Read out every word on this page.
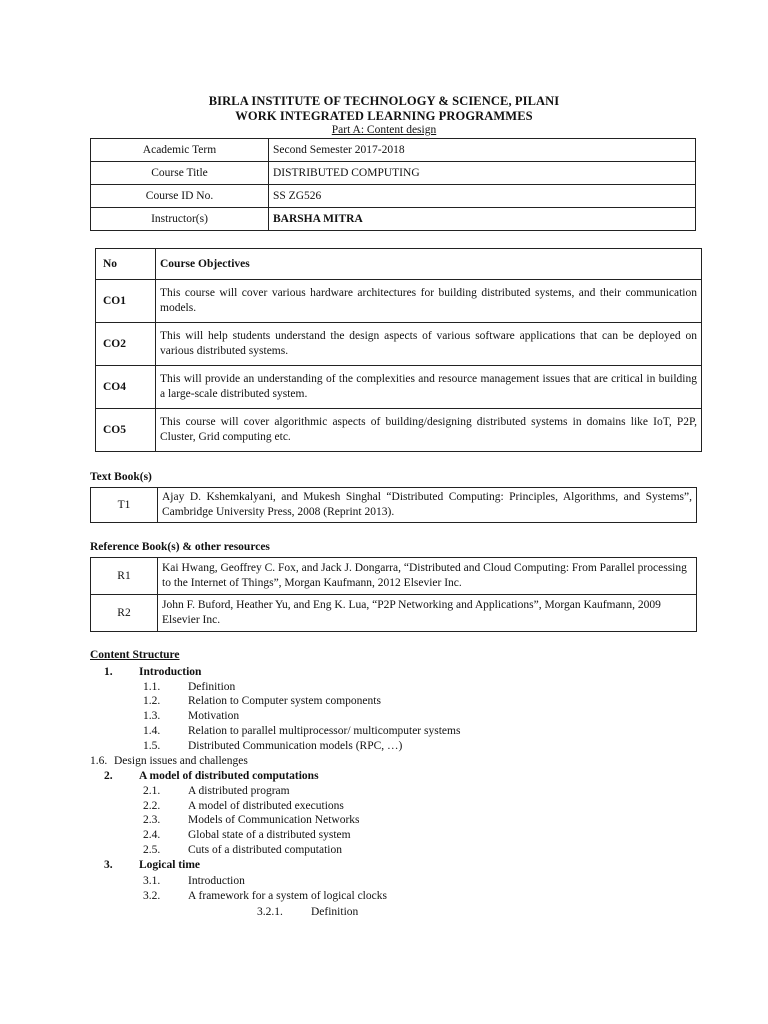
BIRLA INSTITUTE OF TECHNOLOGY & SCIENCE, PILANI
WORK INTEGRATED LEARNING PROGRAMMES
Part A: Content design
Academic Term	Second Semester 2017-2018
Course Title	DISTRIBUTED COMPUTING
Course ID No.	SS ZG526
Instructor(s)	BARSHA MITRA
No	Course Objectives
CO1	This course will cover various hardware architectures for building distributed systems, and their communication models.
CO2	This will help students understand the design aspects of various software applications that can be deployed on various distributed systems.
CO4	This will provide an understanding of the complexities and resource management issues that are critical in building a large-scale distributed system.
CO5	This course will cover algorithmic aspects of building/designing distributed systems in domains like IoT, P2P, Cluster, Grid computing etc.
Text Book(s)
T1	Ajay D. Kshemkalyani, and Mukesh Singhal “Distributed Computing: Principles, Algorithms, and Systems”, Cambridge University Press, 2008 (Reprint 2013).
Reference Book(s) & other resources
R1	Kai Hwang, Geoffrey C. Fox, and Jack J. Dongarra, “Distributed and Cloud Computing: From Parallel processing to the Internet of Things”, Morgan Kaufmann, 2012 Elsevier Inc.
R2	John F. Buford, Heather Yu, and Eng K. Lua, “P2P Networking and Applications”, Morgan Kaufmann, 2009 Elsevier Inc.
Content Structure
1. Introduction
1.1. Definition
1.2. Relation to Computer system components
1.3. Motivation
1.4. Relation to parallel multiprocessor/ multicomputer systems
1.5. Distributed Communication models (RPC, …)
1.6. Design issues and challenges
2. A model of distributed computations
2.1. A distributed program
2.2. A model of distributed executions
2.3. Models of Communication Networks
2.4. Global state of a distributed system
2.5. Cuts of a distributed computation
3. Logical time
3.1. Introduction
3.2. A framework for a system of logical clocks
3.2.1. Definition
